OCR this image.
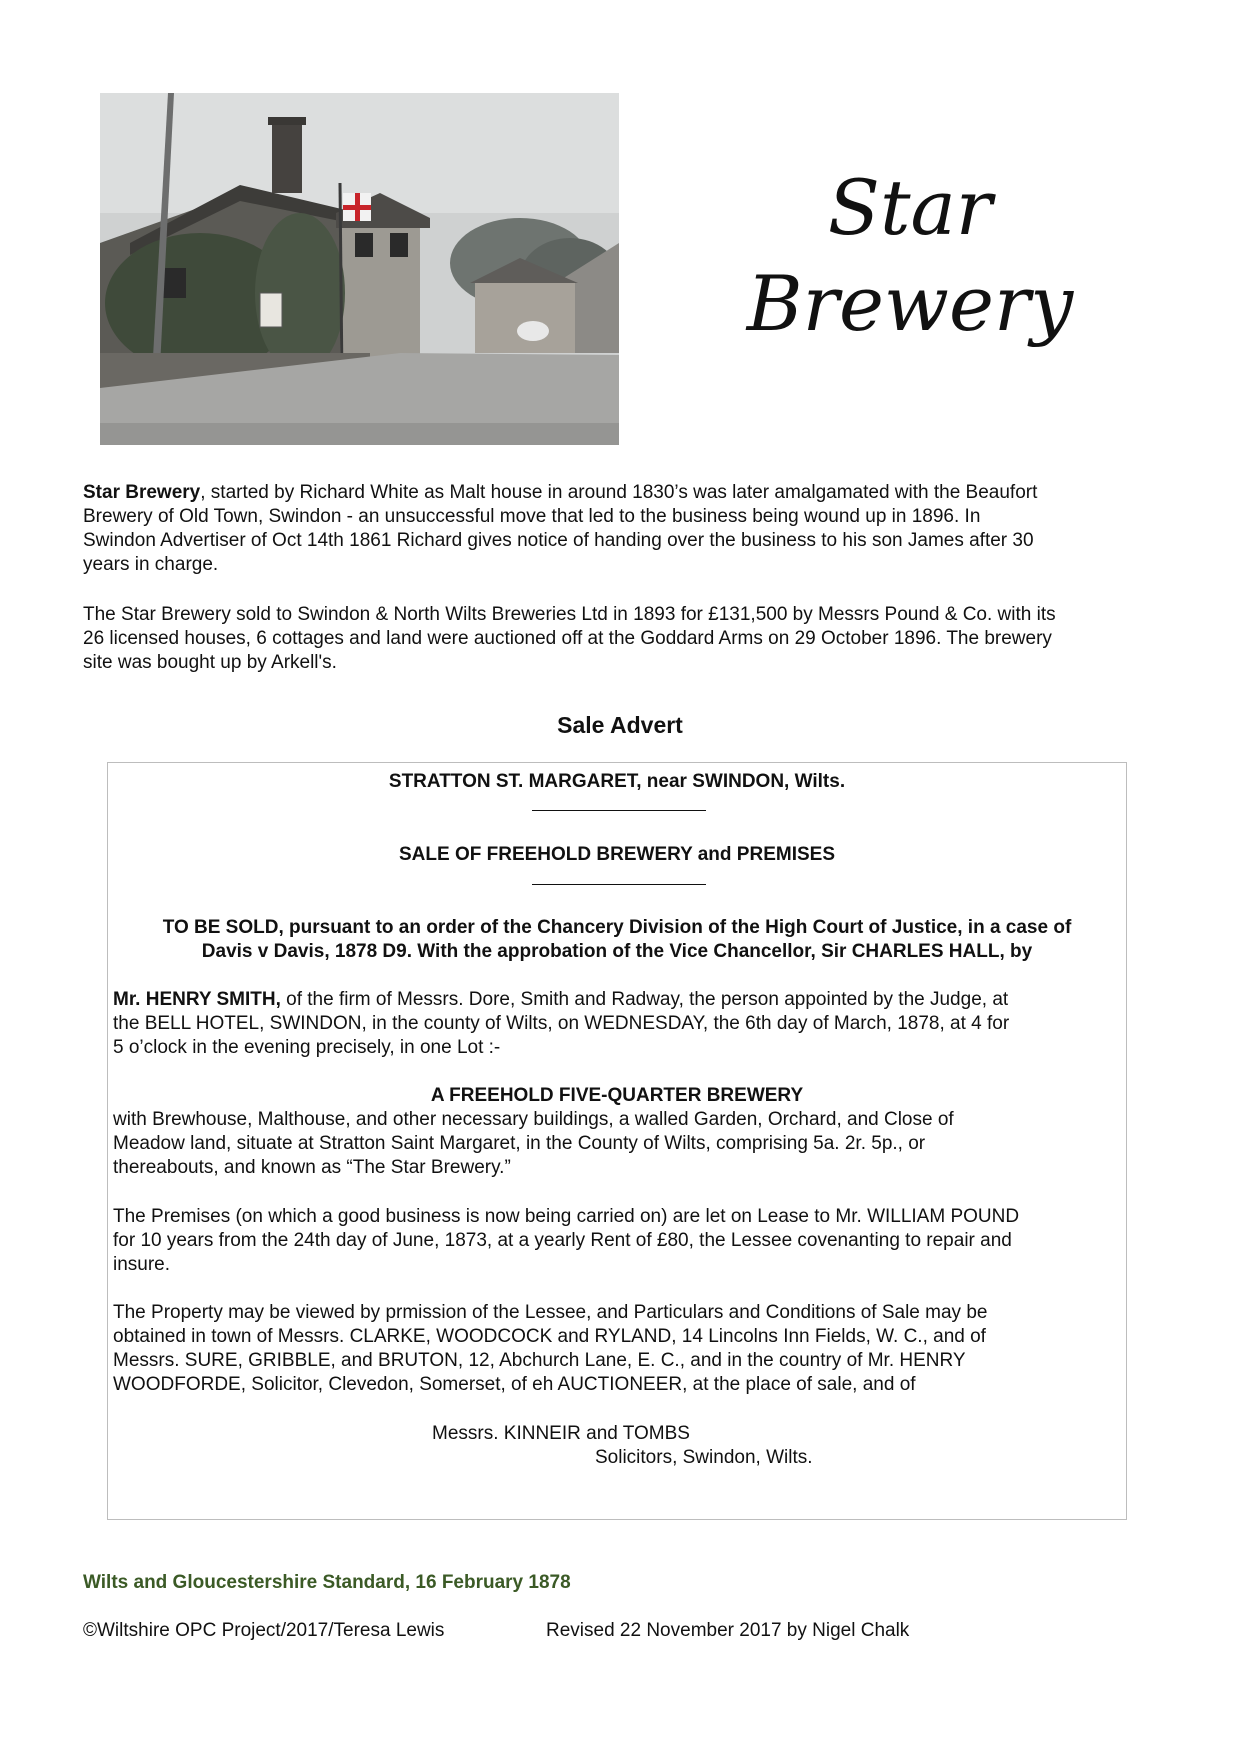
Star
Brewery
Star Brewery, started by Richard White as Malt house in around 1830’s was later amalgamated with the Beaufort
Brewery of Old Town, Swindon - an unsuccessful move that led to the business being wound up in 1896. In
Swindon Advertiser of Oct 14th 1861 Richard gives notice of handing over the business to his son James after 30
years in charge.
The Star Brewery sold to Swindon & North Wilts Breweries Ltd in 1893 for £131,500 by Messrs Pound & Co. with its
26 licensed houses, 6 cottages and land were auctioned off at the Goddard Arms on 29 October 1896. The brewery
site was bought up by Arkell's.
Sale Advert
STRATTON ST. MARGARET, near SWINDON, Wilts.
SALE OF FREEHOLD BREWERY and PREMISES
TO BE SOLD, pursuant to an order of the Chancery Division of the High Court of Justice, in a case of
Davis v Davis, 1878 D9. With the approbation of the Vice Chancellor, Sir CHARLES HALL, by
Mr. HENRY SMITH, of the firm of Messrs. Dore, Smith and Radway, the person appointed by the Judge, at
the BELL HOTEL, SWINDON, in the county of Wilts, on WEDNESDAY, the 6th day of March, 1878, at 4 for
5 o’clock in the evening precisely, in one Lot :-
A FREEHOLD FIVE-QUARTER BREWERY
with Brewhouse, Malthouse, and other necessary buildings, a walled Garden, Orchard, and Close of
Meadow land, situate at Stratton Saint Margaret, in the County of Wilts, comprising 5a. 2r. 5p., or
thereabouts, and known as “The Star Brewery.”
The Premises (on which a good business is now being carried on) are let on Lease to Mr. WILLIAM POUND
for 10 years from the 24th day of June, 1873, at a yearly Rent of £80, the Lessee covenanting to repair and
insure.
The Property may be viewed by prmission of the Lessee, and Particulars and Conditions of Sale may be
obtained in town of Messrs. CLARKE, WOODCOCK and RYLAND, 14 Lincolns Inn Fields, W. C., and of
Messrs. SURE, GRIBBLE, and BRUTON, 12, Abchurch Lane, E. C., and in the country of Mr. HENRY
WOODFORDE, Solicitor, Clevedon, Somerset, of eh AUCTIONEER, at the place of sale, and of
Messrs. KINNEIR and TOMBS
Solicitors, Swindon, Wilts.
Wilts and Gloucestershire Standard, 16 February 1878
©Wiltshire OPC Project/2017/Teresa Lewis	Revised 22 November 2017 by Nigel Chalk
